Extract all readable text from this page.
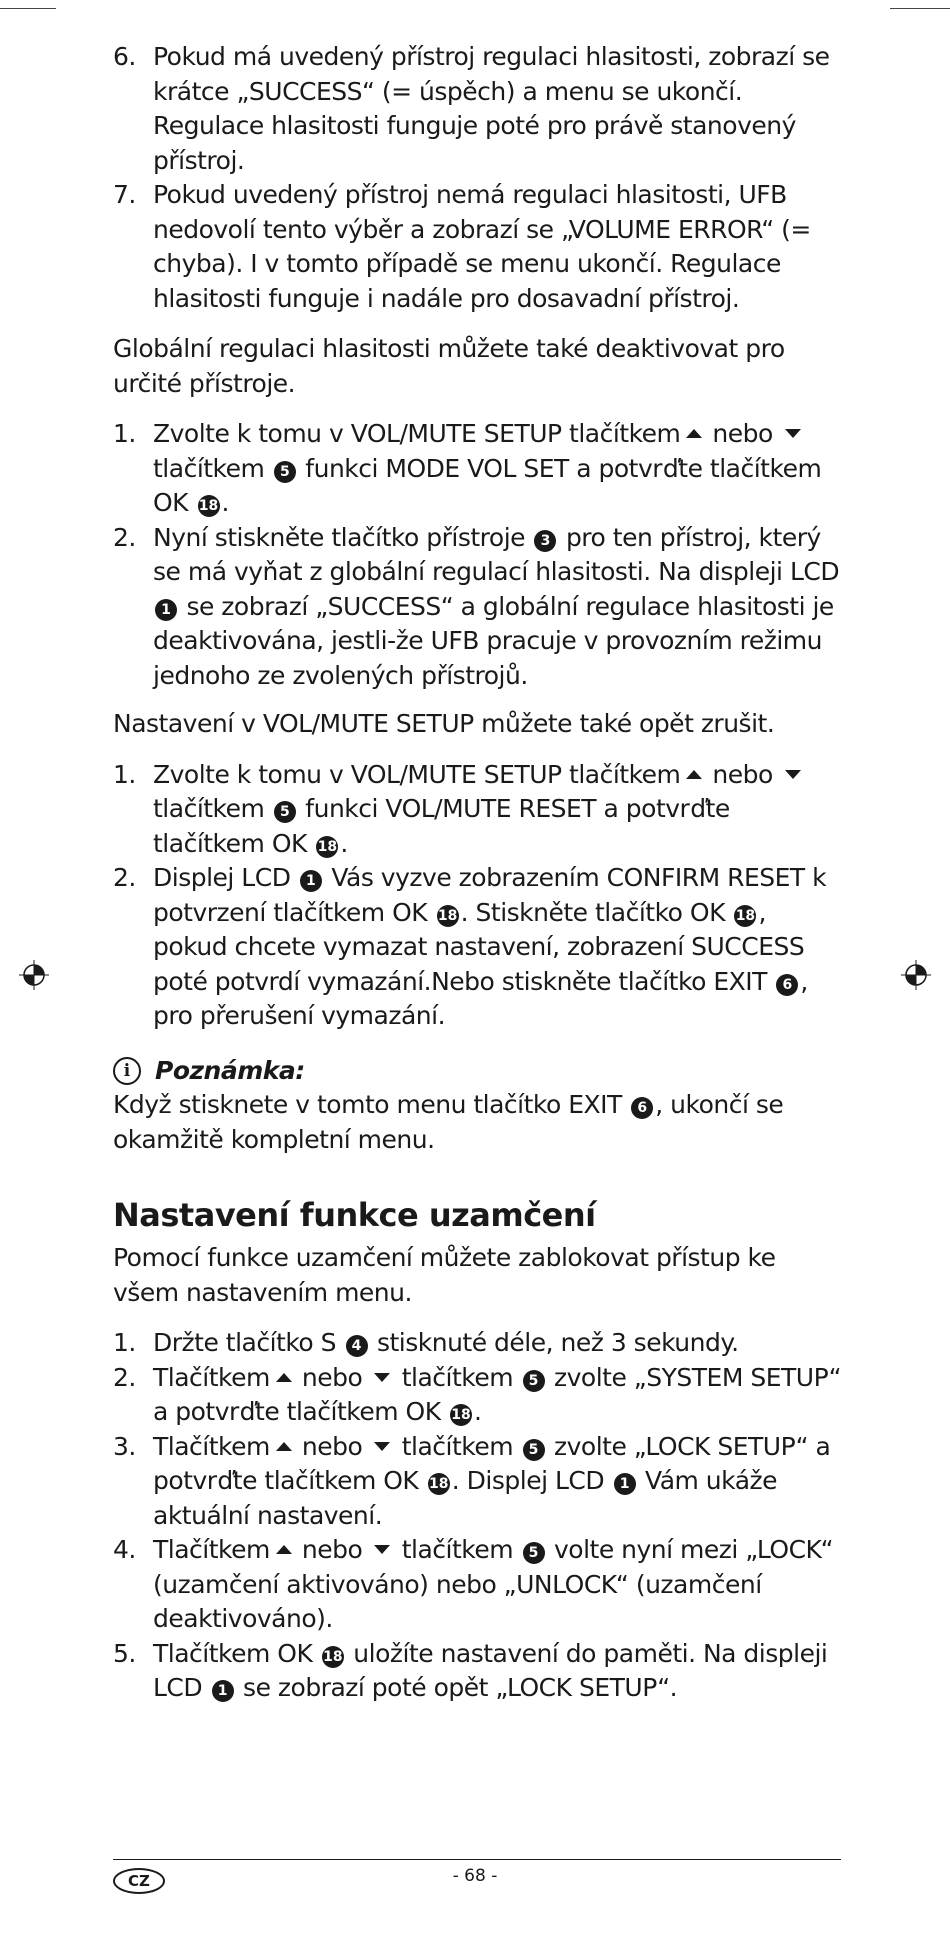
6. Pokud má uvedený přístroj regulaci hlasitosti, zobrazí se krátce „SUCCESS“ (= úspěch) a menu se ukončí. Regulace hlasitosti funguje poté pro právě stanovený přístroj.
7. Pokud uvedený přístroj nemá regulaci hlasitosti, UFB nedovolí tento výběr a zobrazí se „VOLUME ERROR“ (= chyba). I v tomto případě se menu ukončí. Regulace hlasitosti funguje i nadále pro dosavadní přístroj.

Globální regulaci hlasitosti můžete také deaktivovat pro určité přístroje.

1. Zvolte k tomu v VOL/MUTE SETUP tlačítkem nebo tlačítkem 5 funkci MODE VOL SET a potvrďte tlačítkem OK 18 .
2. Nyní stiskněte tlačítko přístroje 3 pro ten přístroj, který se má vyňat z globální regulací hlasitosti. Na displeji LCD 1 se zobrazí „SUCCESS“ a globální regulace hlasitosti je deaktivována, jestli-že UFB pracuje v provozním režimu jednoho ze zvolených přístrojů.

Nastavení v VOL/MUTE SETUP můžete také opět zrušit.

1. Zvolte k tomu v VOL/MUTE SETUP tlačítkem nebo tlačítkem 5 funkci VOL/MUTE RESET a potvrďte tlačítkem OK 18 .
2. Displej LCD 1 Vás vyzve zobrazením CONFIRM RESET k potvrzení tlačítkem OK 18 . Stiskněte tlačítko OK 18 , pokud chcete vymazat nastavení, zobrazení SUCCESS poté potvrdí vymazání.Nebo stiskněte tlačítko EXIT 6 , pro přerušení vymazání.
i Poznámka:

Když stisknete v tomto menu tlačítko EXIT 6 , ukončí se okamžitě kompletní menu.

Nastavení funkce uzamčení

Pomocí funkce uzamčení můžete zablokovat přístup ke všem nastavením menu.

1. Držte tlačítko S 4 stisknuté déle, než 3 sekundy.
2. Tlačítkem nebo tlačítkem 5 zvolte „SYSTEM SETUP“ a potvrďte tlačítkem OK 18 .
3. Tlačítkem nebo tlačítkem 5 zvolte „LOCK SETUP“ a potvrďte tlačítkem OK 18 . Displej LCD 1 Vám ukáže aktuální nastavení.
4. Tlačítkem nebo tlačítkem 5 volte nyní mezi „LOCK“ (uzamčení aktivováno) nebo „UNLOCK“ (uzamčení deaktivováno).
5. Tlačítkem OK 18 uložíte nastavení do paměti. Na displeji LCD 1 se zobrazí poté opět „LOCK SETUP“.
CZ	- 68 -
